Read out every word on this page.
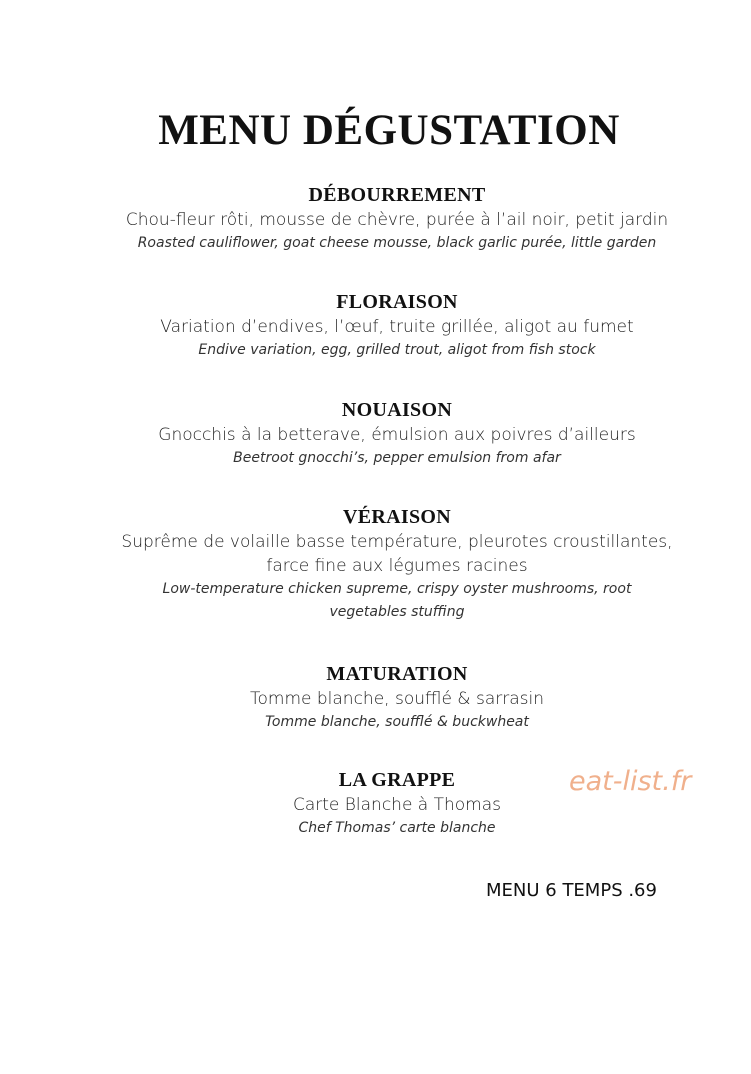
MENU DÉGUSTATION

DÉBOURREMENT

Chou-fleur rôti, mousse de chèvre, purée à l’ail noir, petit jardin

Roasted cauliflower, goat cheese mousse, black garlic purée, little garden

FLORAISON

Variation d’endives, l’œuf, truite grillée, aligot au fumet

Endive variation, egg, grilled trout, aligot from fish stock

NOUAISON

Gnocchis à la betterave, émulsion aux poivres d’ailleurs

Beetroot gnocchi’s, pepper emulsion from afar

VÉRAISON

Suprême de volaille basse température, pleurotes croustillantes,

farce fine aux légumes racines

Low-temperature chicken supreme, crispy oyster mushrooms, root

vegetables stuffing

MATURATION

Tomme blanche, soufflé & sarrasin

Tomme blanche, soufflé & buckwheat

LA GRAPPE

Carte Blanche à Thomas

Chef Thomas’ carte blanche

eat-list.fr
MENU 6 TEMPS .69
